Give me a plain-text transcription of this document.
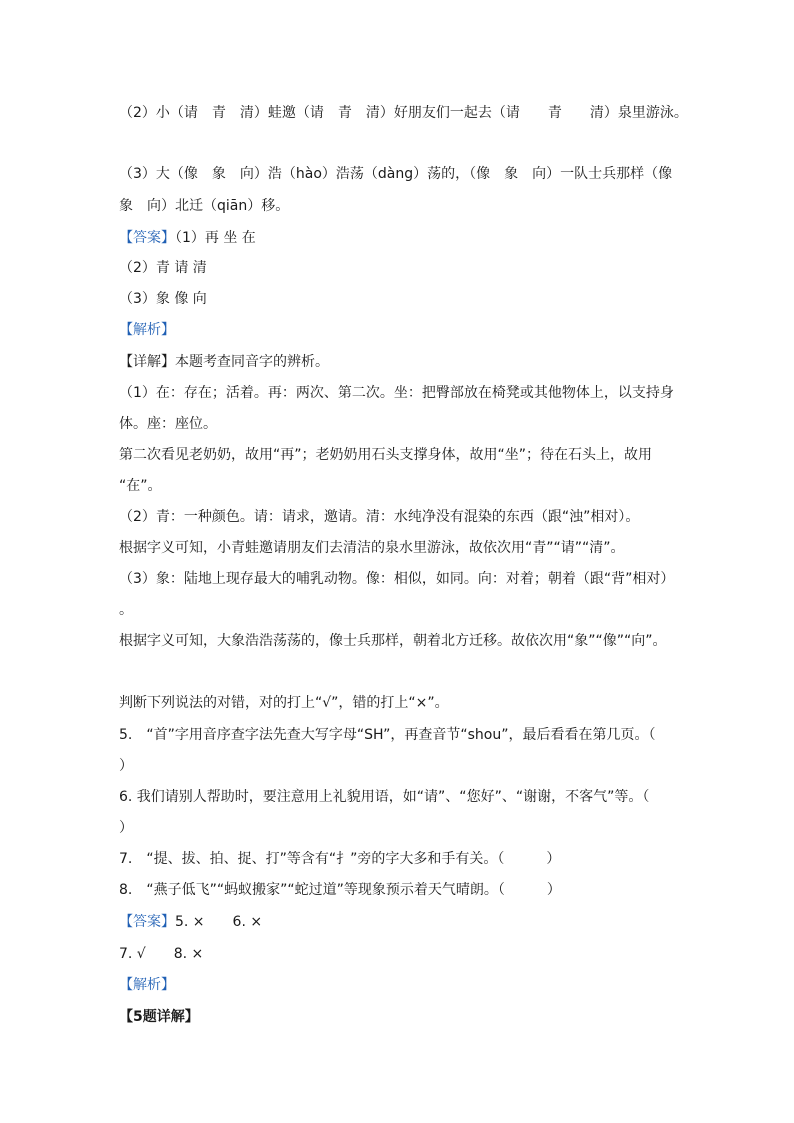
（2）小（请　青　清）蛙邀（请　青　清）好朋友们一起去（请　　青　　清）泉里游泳。
（3）大（像　象　向）浩（hào）浩荡（dàng）荡的，（像　象　向）一队士兵那样（像
象　向）北迁（qiān）移。
【答案】（1）再 坐 在
（2）青 请 清
（3）象 像 向
【解析】
【详解】本题考查同音字的辨析。
（1）在：存在；活着。再：两次、第二次。坐：把臀部放在椅凳或其他物体上，以支持身
体。座：座位。
第二次看见老奶奶，故用“再”；老奶奶用石头支撑身体，故用“坐”；待在石头上，故用
“在”。
（2）青：一种颜色。请：请求，邀请。清：水纯净没有混染的东西（跟“浊”相对）。
根据字义可知，小青蛙邀请朋友们去清洁的泉水里游泳，故依次用“青”“请”“清”。
（3）象：陆地上现存最大的哺乳动物。像：相似，如同。向：对着；朝着（跟“背”相对）
。
根据字义可知，大象浩浩荡荡的，像士兵那样，朝着北方迁移。故依次用“象”“像”“向”。
判断下列说法的对错，对的打上“√”，错的打上“×”。
5.　“首”字用音序查字法先查大写字母“SH”，再查音节“shou”，最后看看在第几页。（
）
6. 我们请别人帮助时，要注意用上礼貌用语，如“请”、“您好”、“谢谢，不客气”等。（
）
7.　“提、拔、拍、捉、打”等含有“扌”旁的字大多和手有关。（　　　）
8.　“燕子低飞”“蚂蚁搬家”“蛇过道”等现象预示着天气晴朗。（　　　）
【答案】5. ×　　6. ×
7. √　　8. ×
【解析】
【5题详解】
